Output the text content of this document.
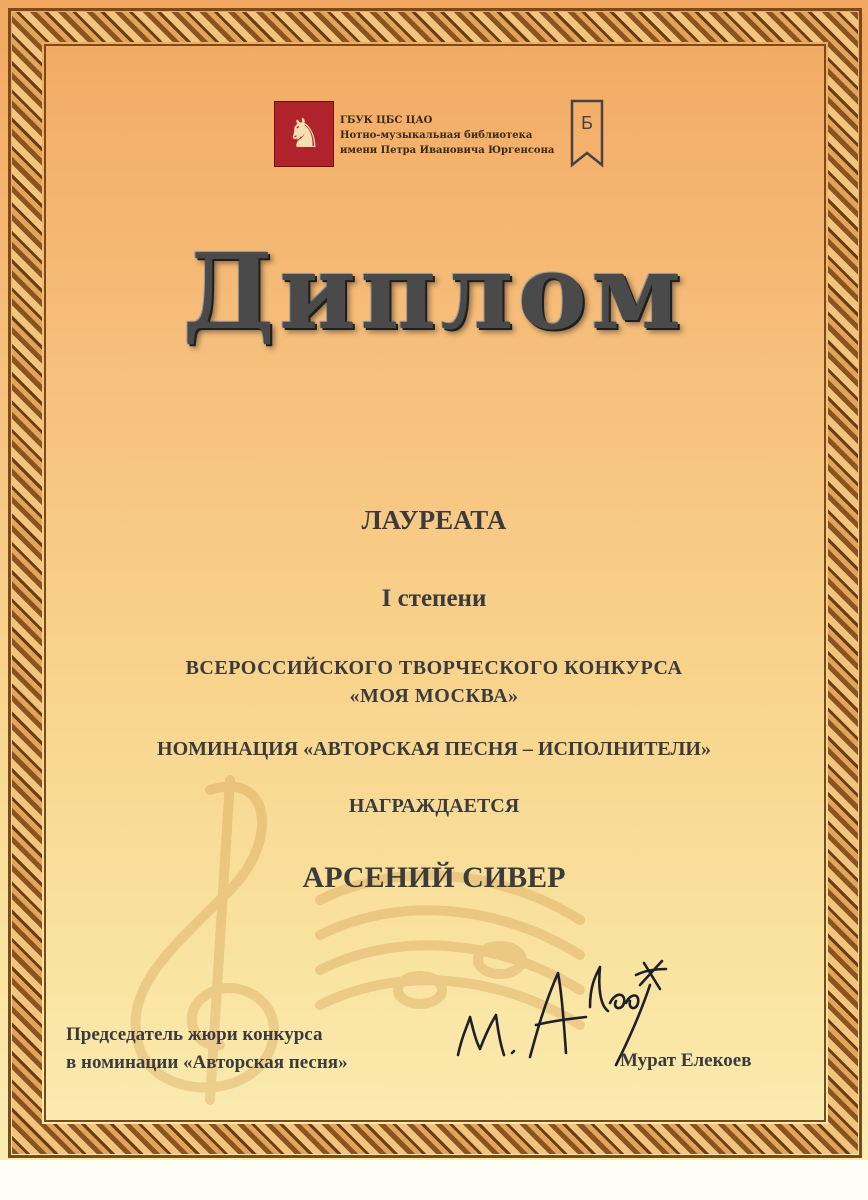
♞	ГБУК ЦБС ЦАО
Нотно-музыкальная библиотека
имени Петра Ивановича Юргенсона
Б
Диплом
ЛАУРЕАТА
I степени
ВСЕРОССИЙСКОГО ТВОРЧЕСКОГО КОНКУРСА
«МОЯ МОСКВА»
НОМИНАЦИЯ «АВТОРСКАЯ ПЕСНЯ – ИСПОЛНИТЕЛИ»
НАГРАЖДАЕТСЯ
АРСЕНИЙ СИВЕР
Председатель жюри конкурса
в номинации «Авторская песня»	Мурат Елекоев
